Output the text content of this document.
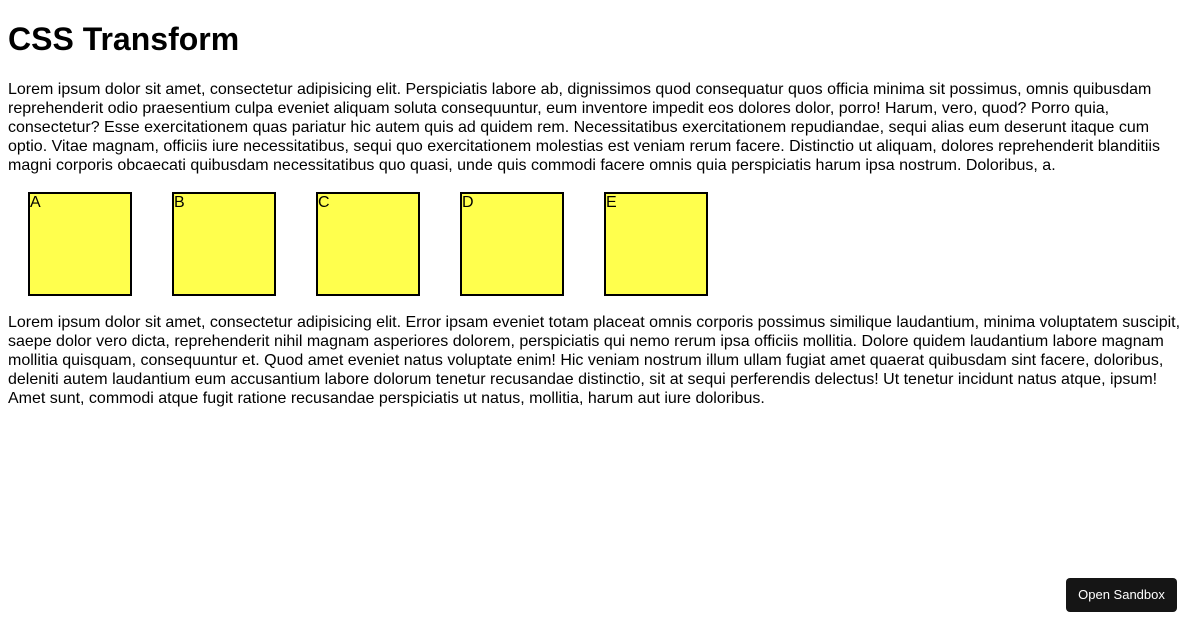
CSS Transform

Lorem ipsum dolor sit amet, consectetur adipisicing elit. Perspiciatis labore ab, dignissimos quod consequatur quos officia minima sit possimus, omnis quibusdam reprehenderit odio praesentium culpa eveniet aliquam soluta consequuntur, eum inventore impedit eos dolores dolor, porro! Harum, vero, quod? Porro quia, consectetur? Esse exercitationem quas pariatur hic autem quis ad quidem rem. Necessitatibus exercitationem repudiandae, sequi alias eum deserunt itaque cum optio. Vitae magnam, officiis iure necessitatibus, sequi quo exercitationem molestias est veniam rerum facere. Distinctio ut aliquam, dolores reprehenderit blanditiis magni corporis obcaecati quibusdam necessitatibus quo quasi, unde quis commodi facere omnis quia perspiciatis harum ipsa nostrum. Doloribus, a.

A	B	C	D	E

Lorem ipsum dolor sit amet, consectetur adipisicing elit. Error ipsam eveniet totam placeat omnis corporis possimus similique laudantium, minima voluptatem suscipit, saepe dolor vero dicta, reprehenderit nihil magnam asperiores dolorem, perspiciatis qui nemo rerum ipsa officiis mollitia. Dolore quidem laudantium labore magnam mollitia quisquam, consequuntur et. Quod amet eveniet natus voluptate enim! Hic veniam nostrum illum ullam fugiat amet quaerat quibusdam sint facere, doloribus, deleniti autem laudantium eum accusantium labore dolorum tenetur recusandae distinctio, sit at sequi perferendis delectus! Ut tenetur incidunt natus atque, ipsum! Amet sunt, commodi atque fugit ratione recusandae perspiciatis ut natus, mollitia, harum aut iure doloribus.

Open Sandbox
